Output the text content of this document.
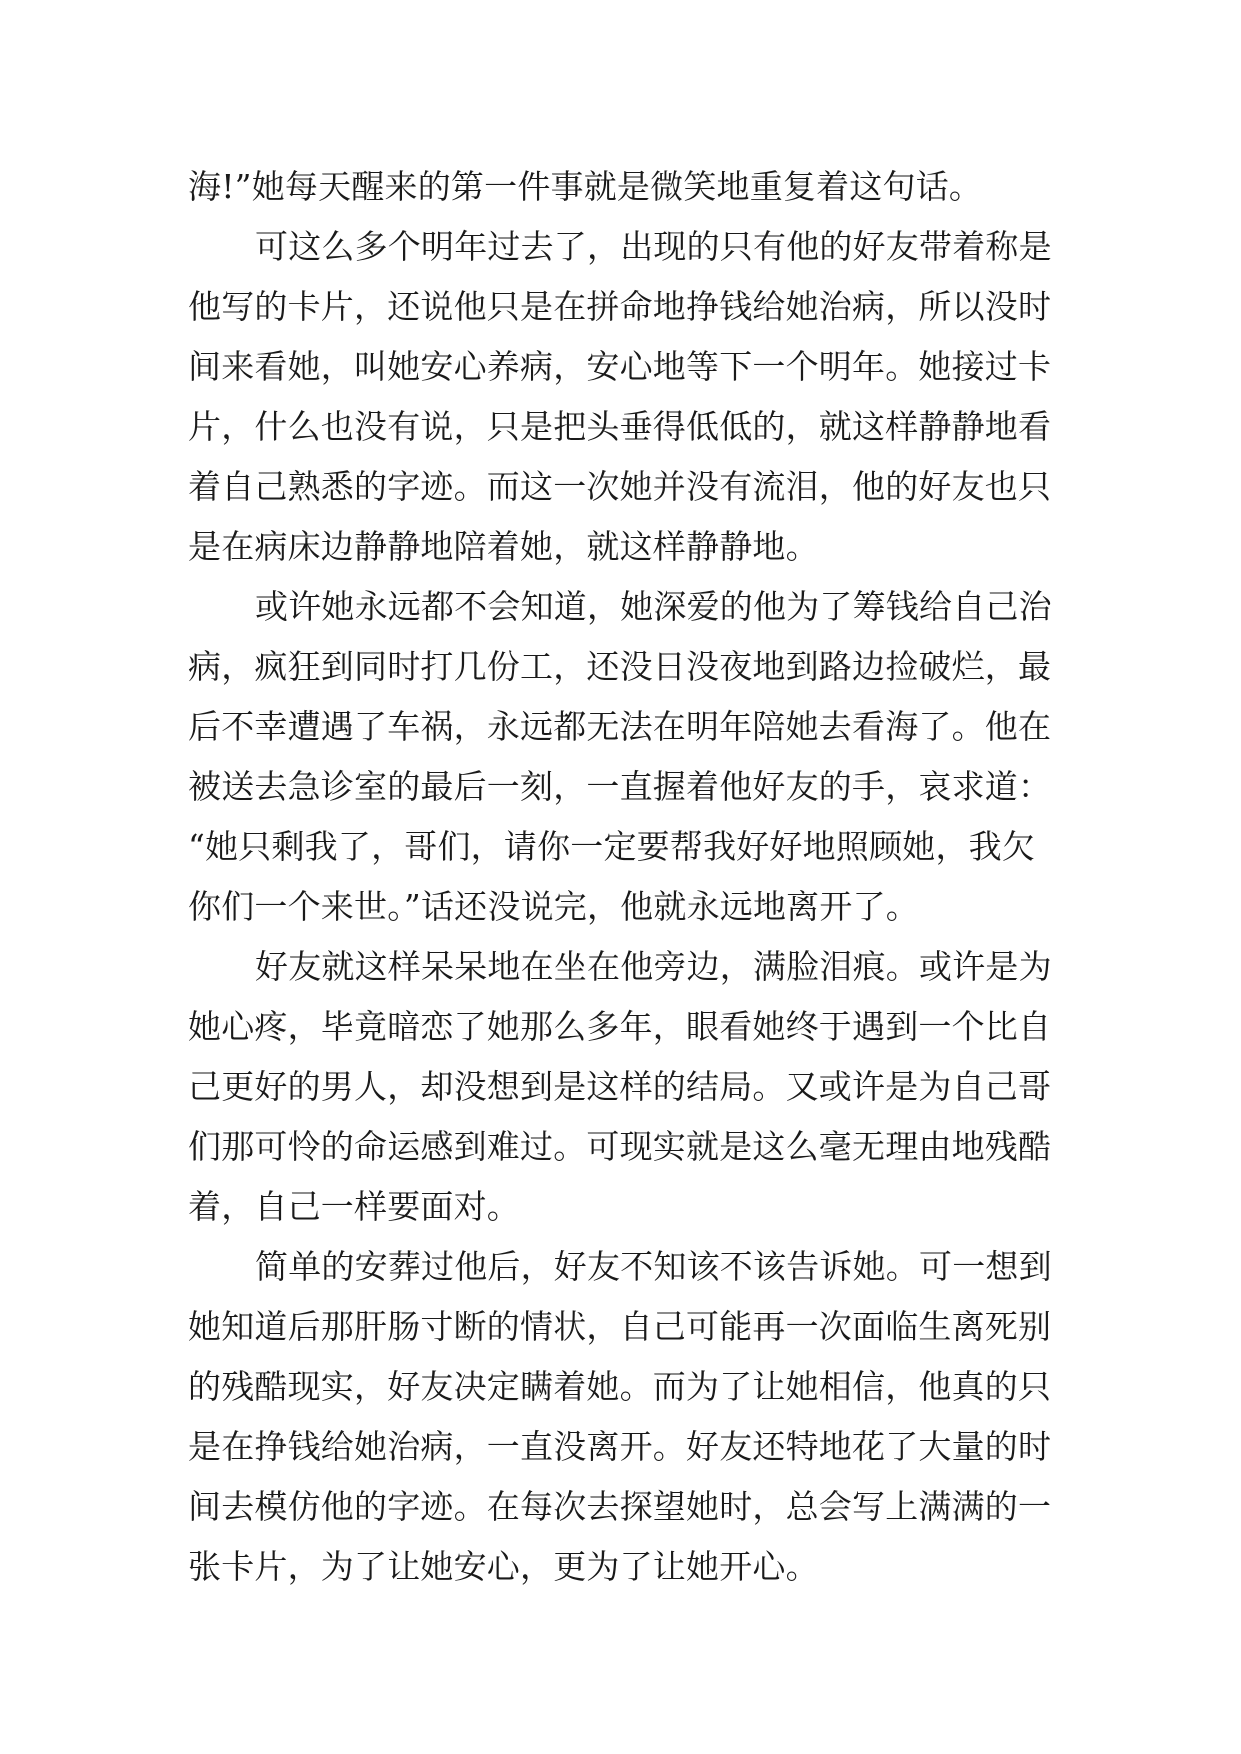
海!”她每天醒来的第一件事就是微笑地重复着这句话。

可这么多个明年过去了，出现的只有他的好友带着称是

他写的卡片，还说他只是在拼命地挣钱给她治病，所以没时

间来看她，叫她安心养病，安心地等下一个明年。她接过卡

片，什么也没有说，只是把头垂得低低的，就这样静静地看

着自己熟悉的字迹。而这一次她并没有流泪，他的好友也只

是在病床边静静地陪着她，就这样静静地。

或许她永远都不会知道，她深爱的他为了筹钱给自己治

病，疯狂到同时打几份工，还没日没夜地到路边捡破烂，最

后不幸遭遇了车祸，永远都无法在明年陪她去看海了。他在

被送去急诊室的最后一刻，一直握着他好友的手，哀求道：

“她只剩我了，哥们，请你一定要帮我好好地照顾她，我欠

你们一个来世。”话还没说完，他就永远地离开了。

好友就这样呆呆地在坐在他旁边，满脸泪痕。或许是为

她心疼，毕竟暗恋了她那么多年，眼看她终于遇到一个比自

己更好的男人，却没想到是这样的结局。又或许是为自己哥

们那可怜的命运感到难过。可现实就是这么毫无理由地残酷

着，自己一样要面对。

简单的安葬过他后，好友不知该不该告诉她。可一想到

她知道后那肝肠寸断的情状，自己可能再一次面临生离死别

的残酷现实，好友决定瞒着她。而为了让她相信，他真的只

是在挣钱给她治病，一直没离开。好友还特地花了大量的时

间去模仿他的字迹。在每次去探望她时，总会写上满满的一

张卡片，为了让她安心，更为了让她开心。
